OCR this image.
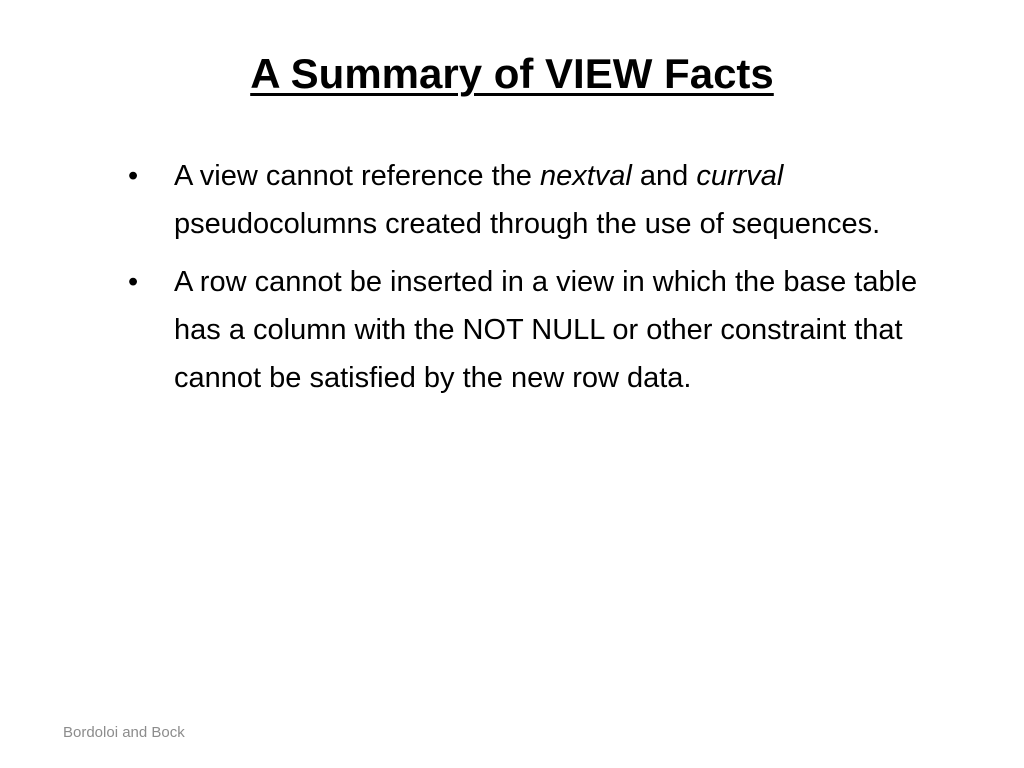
A Summary of VIEW Facts
•	A view cannot reference the nextval and currval pseudocolumns created through the use of sequences.
•	A row cannot be inserted in a view in which the base table has a column with the NOT NULL or other constraint that cannot be satisfied by the new row data.
Bordoloi and Bock
